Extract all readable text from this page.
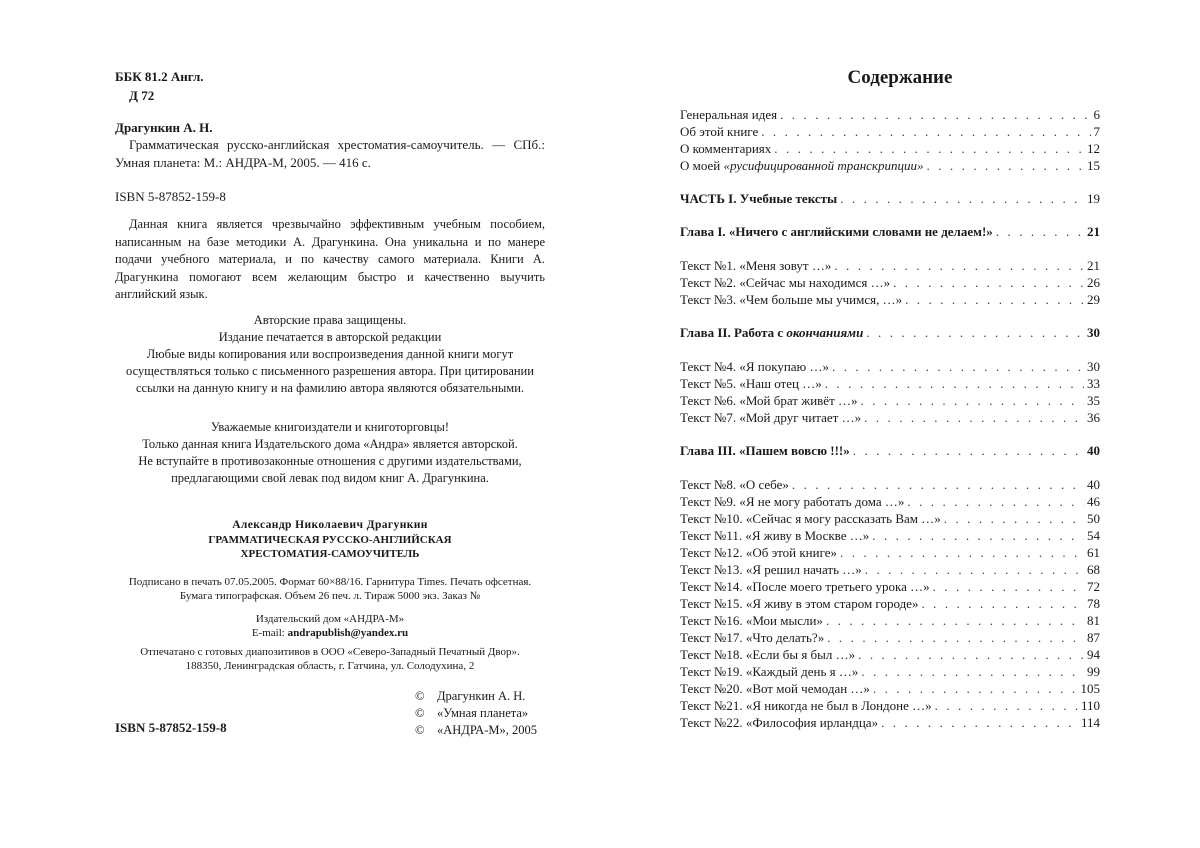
ББК 81.2 Англ.
Д 72
Драгункин А. Н.
Грамматическая русско-английская хрестоматия-самоучитель. — СПб.: Умная планета: М.: АНДРА-М, 2005. — 416 с.
ISBN 5-87852-159-8
Данная книга является чрезвычайно эффективным учебным пособием, написанным на базе методики А. Драгункина. Она уникальна и по манере подачи учебного материала, и по качеству самого материала. Книги А. Драгункина помогают всем желающим быстро и качественно выучить английский язык.
Авторские права защищены.
Издание печатается в авторской редакции
Любые виды копирования или воспроизведения данной книги могут
осуществляться только с письменного разрешения автора. При цитировании
ссылки на данную книгу и на фамилию автора являются обязательными.
Уважаемые книгоиздатели и книготорговцы!
Только данная книга Издательского дома «Андра» является авторской.
Не вступайте в противозаконные отношения с другими издательствами,
предлагающими свой левак под видом книг А. Драгункина.
Александр Николаевич Драгункин
ГРАММАТИЧЕСКАЯ РУССКО-АНГЛИЙСКАЯ
ХРЕСТОМАТИЯ-САМОУЧИТЕЛЬ
Подписано в печать 07.05.2005. Формат 60×88/16. Гарнитура Times. Печать офсетная.
Бумага типографская. Объем 26 печ. л. Тираж 5000 экз. Заказ №
Издательский дом «АНДРА-М»
E-mail: andrapublish@yandex.ru
Отпечатано с готовых диапозитивов в ООО «Северо-Западный Печатный Двор».
188350, Ленинградская область, г. Гатчина, ул. Солодухина, 2
ISBN 5-87852-159-8
© Драгункин А. Н.
© «Умная планета»
© «АНДРА-М», 2005
Содержание
Генеральная идея . . .	6
Об этой книге . . .	7
О комментариях . . .	12
О моей «русифицированной транскрипции» . . .	15
ЧАСТЬ I. Учебные тексты . . .	19
Глава I. «Ничего с английскими словами не делаем!» . . .	21
Текст №1. «Меня зовут …» . . .	21
Текст №2. «Сейчас мы находимся …» . . .	26
Текст №3. «Чем больше мы учимся, …» . . .	29
Глава II. Работа с окончаниями . . .	30
Текст №4. «Я покупаю …» . . .	30
Текст №5. «Наш отец …» . . .	33
Текст №6. «Мой брат живёт …» . . .	35
Текст №7. «Мой друг читает …» . . .	36
Глава III. «Пашем вовсю !!!» . . .	40
Текст №8. «О себе» . . .	40
Текст №9. «Я не могу работать дома …» . . .	46
Текст №10. «Сейчас я могу рассказать Вам …» . . .	50
Текст №11. «Я живу в Москве …» . . .	54
Текст №12. «Об этой книге» . . .	61
Текст №13. «Я решил начать …» . . .	68
Текст №14. «После моего третьего урока …» . . .	72
Текст №15. «Я живу в этом старом городе» . . .	78
Текст №16. «Мои мысли» . . .	81
Текст №17. «Что делать?» . . .	87
Текст №18. «Если бы я был …» . . .	94
Текст №19. «Каждый день я …» . . .	99
Текст №20. «Вот мой чемодан …» . . .	105
Текст №21. «Я никогда не был в Лондоне …» . . .	110
Текст №22. «Философия ирландца» . . .	114
